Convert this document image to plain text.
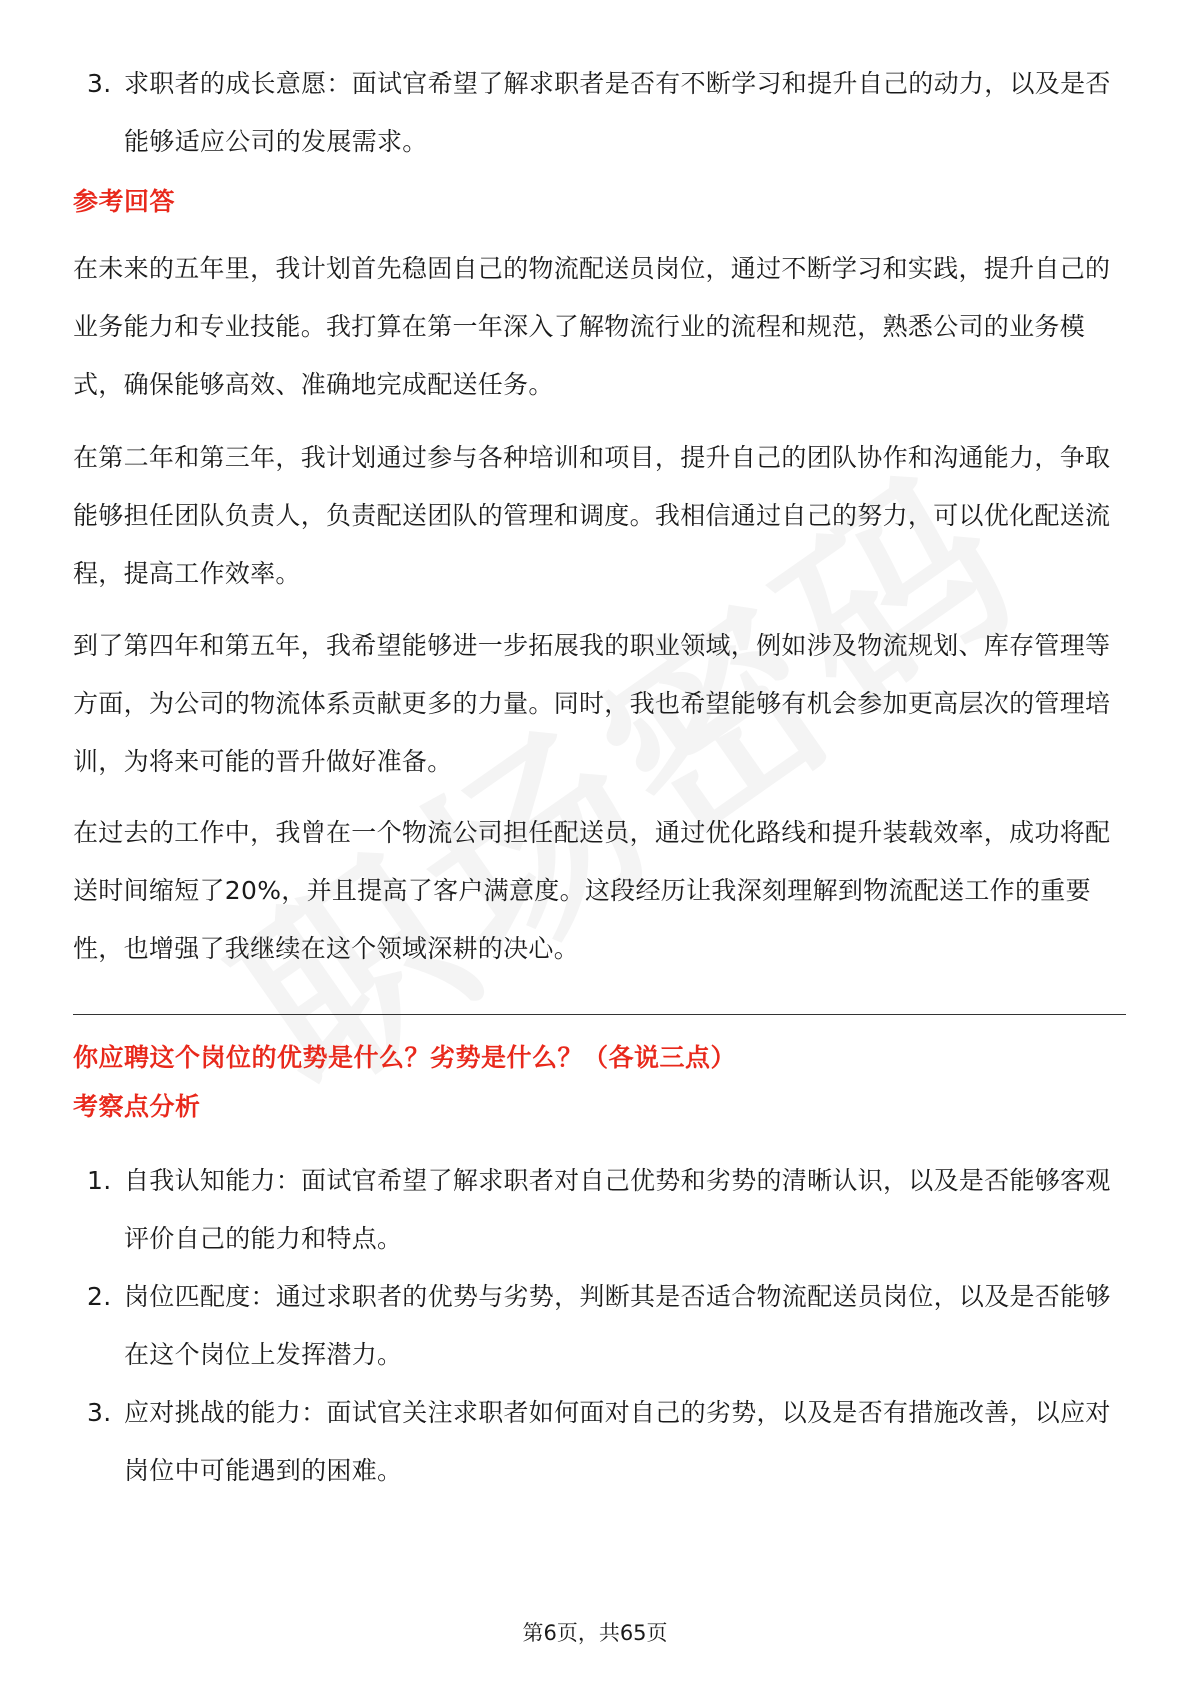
3. 求职者的成长意愿：面试官希望了解求职者是否有不断学习和提升自己的动力，以及是否能够适应公司的发展需求。
参考回答

在未来的五年里，我计划首先稳固自己的物流配送员岗位，通过不断学习和实践，提升自己的业务能力和专业技能。我打算在第一年深入了解物流行业的流程和规范，熟悉公司的业务模式，确保能够高效、准确地完成配送任务。

在第二年和第三年，我计划通过参与各种培训和项目，提升自己的团队协作和沟通能力，争取能够担任团队负责人，负责配送团队的管理和调度。我相信通过自己的努力，可以优化配送流程，提高工作效率。

到了第四年和第五年，我希望能够进一步拓展我的职业领域，例如涉及物流规划、库存管理等方面，为公司的物流体系贡献更多的力量。同时，我也希望能够有机会参加更高层次的管理培训，为将来可能的晋升做好准备。

在过去的工作中，我曾在一个物流公司担任配送员，通过优化路线和提升装载效率，成功将配送时间缩短了20%，并且提高了客户满意度。这段经历让我深刻理解到物流配送工作的重要性，也增强了我继续在这个领域深耕的决心。

你应聘这个岗位的优势是什么？劣势是什么？（各说三点）
考察点分析
1. 自我认知能力：面试官希望了解求职者对自己优势和劣势的清晰认识，以及是否能够客观评价自己的能力和特点。
2. 岗位匹配度：通过求职者的优势与劣势，判断其是否适合物流配送员岗位，以及是否能够在这个岗位上发挥潜力。
3. 应对挑战的能力：面试官关注求职者如何面对自己的劣势，以及是否有措施改善，以应对岗位中可能遇到的困难。
第6页，共65页
